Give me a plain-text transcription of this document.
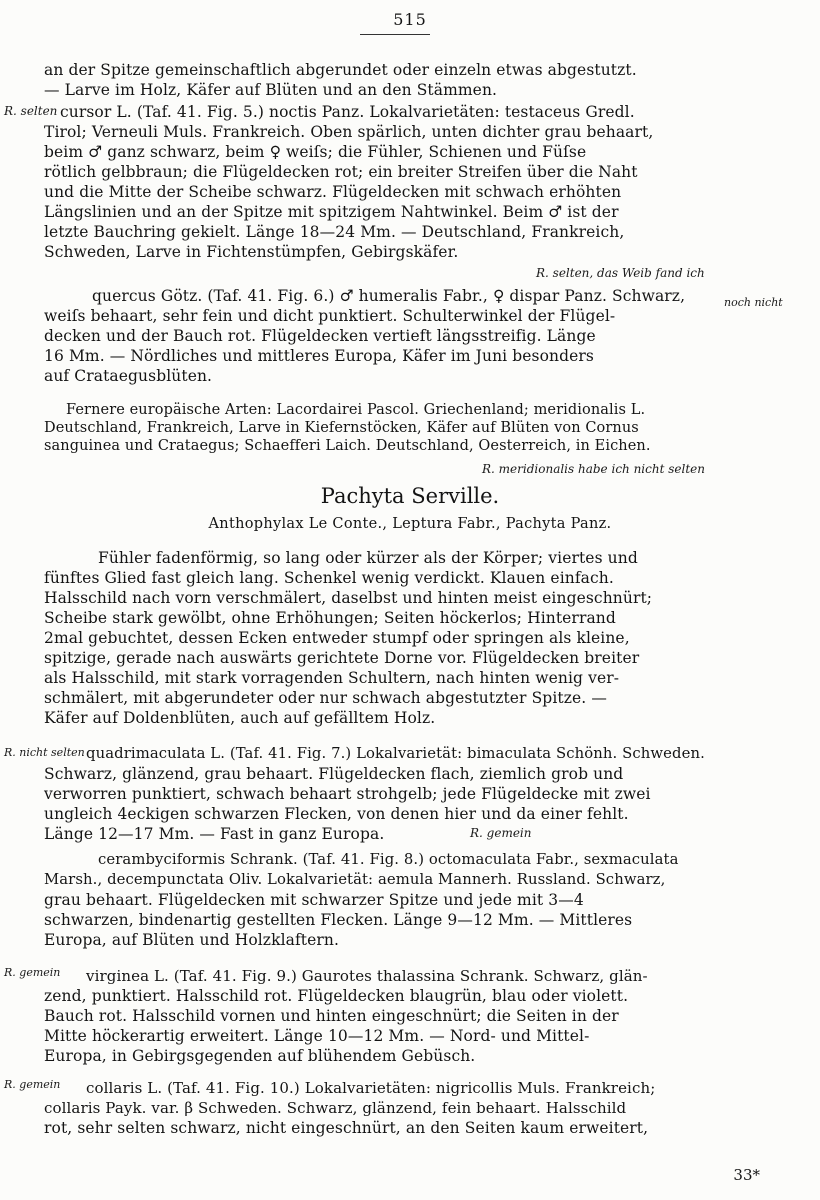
515
an der Spitze gemeinschaftlich abgerundet oder einzeln etwas abgestutzt.
— Larve im Holz, Käfer auf Blüten und an den Stämmen.
cursor L. (Taf. 41. Fig. 5.) noctis Panz. Lokalvarietäten: testaceus Gredl.
Tirol; Verneuli Muls. Frankreich. Oben spärlich, unten dichter grau behaart,
beim ♂ ganz schwarz, beim ♀ weiſs; die Fühler, Schienen und Füſse
rötlich gelbbraun; die Flügeldecken rot; ein breiter Streifen über die Naht
und die Mitte der Scheibe schwarz. Flügeldecken mit schwach erhöhten
Längslinien und an der Spitze mit spitzigem Nahtwinkel. Beim ♂ ist der
letzte Bauchring gekielt. Länge 18—24 Mm. — Deutschland, Frankreich,
Schweden, Larve in Fichtenstümpfen, Gebirgskäfer.
quercus Götz. (Taf. 41. Fig. 6.) ♂ humeralis Fabr., ♀ dispar Panz. Schwarz,
weiſs behaart, sehr fein und dicht punktiert. Schulterwinkel der Flügel-
decken und der Bauch rot. Flügeldecken vertieft längsstreifig. Länge
16 Mm. — Nördliches und mittleres Europa, Käfer im Juni besonders
auf Crataegusblüten.
Fernere europäische Arten: Lacordairei Pascol. Griechenland; meridionalis L.
Deutschland, Frankreich, Larve in Kiefernstöcken, Käfer auf Blüten von Cornus
sanguinea und Crataegus; Schaefferi Laich. Deutschland, Oesterreich, in Eichen.
Pachyta Serville.
Anthophylax Le Conte., Leptura Fabr., Pachyta Panz.
Fühler fadenförmig, so lang oder kürzer als der Körper; viertes und
fünftes Glied fast gleich lang. Schenkel wenig verdickt. Klauen einfach.
Halsschild nach vorn verschmälert, daselbst und hinten meist eingeschnürt;
Scheibe stark gewölbt, ohne Erhöhungen; Seiten höckerlos; Hinterrand
2mal gebuchtet, dessen Ecken entweder stumpf oder springen als kleine,
spitzige, gerade nach auswärts gerichtete Dorne vor. Flügeldecken breiter
als Halsschild, mit stark vorragenden Schultern, nach hinten wenig ver-
schmälert, mit abgerundeter oder nur schwach abgestutzter Spitze. —
Käfer auf Doldenblüten, auch auf gefälltem Holz.
quadrimaculata L. (Taf. 41. Fig. 7.) Lokalvarietät: bimaculata Schönh. Schweden.
Schwarz, glänzend, grau behaart. Flügeldecken flach, ziemlich grob und
verworren punktiert, schwach behaart strohgelb; jede Flügeldecke mit zwei
ungleich 4eckigen schwarzen Flecken, von denen hier und da einer fehlt.
Länge 12—17 Mm. — Fast in ganz Europa.
cerambyciformis Schrank. (Taf. 41. Fig. 8.) octomaculata Fabr., sexmaculata
Marsh., decempunctata Oliv. Lokalvarietät: aemula Mannerh. Russland. Schwarz,
grau behaart. Flügeldecken mit schwarzer Spitze und jede mit 3—4
schwarzen, bindenartig gestellten Flecken. Länge 9—12 Mm. — Mittleres
Europa, auf Blüten und Holzklaftern.
virginea L. (Taf. 41. Fig. 9.) Gaurotes thalassina Schrank. Schwarz, glän-
zend, punktiert. Halsschild rot. Flügeldecken blaugrün, blau oder violett.
Bauch rot. Halsschild vornen und hinten eingeschnürt; die Seiten in der
Mitte höckerartig erweitert. Länge 10—12 Mm. — Nord- und Mittel-
Europa, in Gebirgsgegenden auf blühendem Gebüsch.
collaris L. (Taf. 41. Fig. 10.) Lokalvarietäten: nigricollis Muls. Frankreich;
collaris Payk. var. β Schweden. Schwarz, glänzend, fein behaart. Halsschild
rot, sehr selten schwarz, nicht eingeschnürt, an den Seiten kaum erweitert,
R. selten
R. selten, das Weib fand ich
noch nicht
R. meridionalis habe ich nicht selten
R. nicht selten
R. gemein
R. gemein
R. gemein
33*
